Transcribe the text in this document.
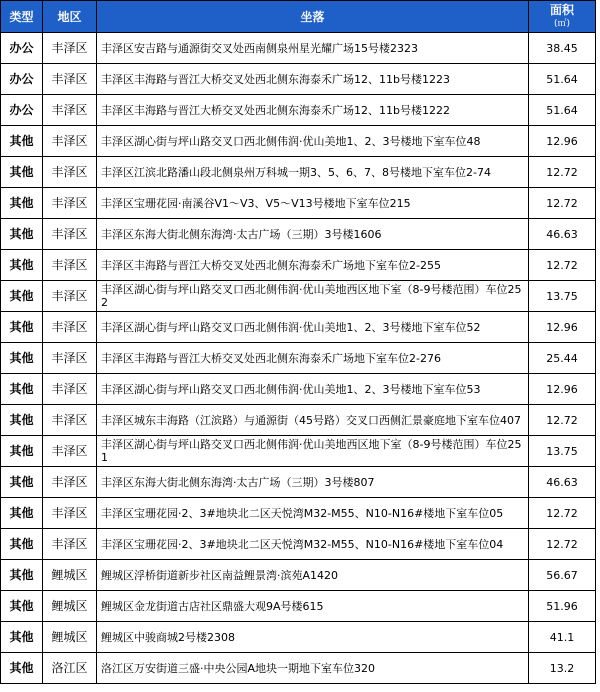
类型	地区	坐落	面积
(㎡)

办公	丰泽区	丰泽区安吉路与通源街交叉处西南侧泉州星光耀广场15号楼2323	38.45
办公	丰泽区	丰泽区丰海路与晋江大桥交叉处西北侧东海泰禾广场12、11b号楼1223	51.64
办公	丰泽区	丰泽区丰海路与晋江大桥交叉处西北侧东海泰禾广场12、11b号楼1222	51.64
其他	丰泽区	丰泽区湖心街与坪山路交叉口西北侧伟润·优山美地1、2、3号楼地下室车位48	12.96
其他	丰泽区	丰泽区江滨北路潘山段北侧泉州万科城一期3、5、6、7、8号楼地下室车位2-74	12.72
其他	丰泽区	丰泽区宝珊花园·南溪谷V1～V3、V5～V13号楼地下室车位215	12.72
其他	丰泽区	丰泽区东海大街北侧东海湾·太古广场（三期）3号楼1606	46.63
其他	丰泽区	丰泽区丰海路与晋江大桥交叉处西北侧东海泰禾广场地下室车位2-255	12.72
其他	丰泽区	丰泽区湖心街与坪山路交叉口西北侧伟润·优山美地西区地下室（8-9号楼范围）车位252	13.75
其他	丰泽区	丰泽区湖心街与坪山路交叉口西北侧伟润·优山美地1、2、3号楼地下室车位52	12.96
其他	丰泽区	丰泽区丰海路与晋江大桥交叉处西北侧东海泰禾广场地下室车位2-276	25.44
其他	丰泽区	丰泽区湖心街与坪山路交叉口西北侧伟润·优山美地1、2、3号楼地下室车位53	12.96
其他	丰泽区	丰泽区城东丰海路（江滨路）与通源街（45号路）交叉口西侧汇景豪庭地下室车位407	12.72
其他	丰泽区	丰泽区湖心街与坪山路交叉口西北侧伟润·优山美地西区地下室（8-9号楼范围）车位251	13.75
其他	丰泽区	丰泽区东海大街北侧东海湾·太古广场（三期）3号楼807	46.63
其他	丰泽区	丰泽区宝珊花园·2、3#地块北二区天悦湾M32-M55、N10-N16#楼地下室车位05	12.72
其他	丰泽区	丰泽区宝珊花园·2、3#地块北二区天悦湾M32-M55、N10-N16#楼地下室车位04	12.72
其他	鲤城区	鲤城区浮桥街道新步社区南益鲤景湾·滨苑A1420	56.67
其他	鲤城区	鲤城区金龙街道古店社区鼎盛大观9A号楼615	51.96
其他	鲤城区	鲤城区中骏商城2号楼2308	41.1
其他	洛江区	洛江区万安街道三盛·中央公园A地块一期地下室车位320	13.2
